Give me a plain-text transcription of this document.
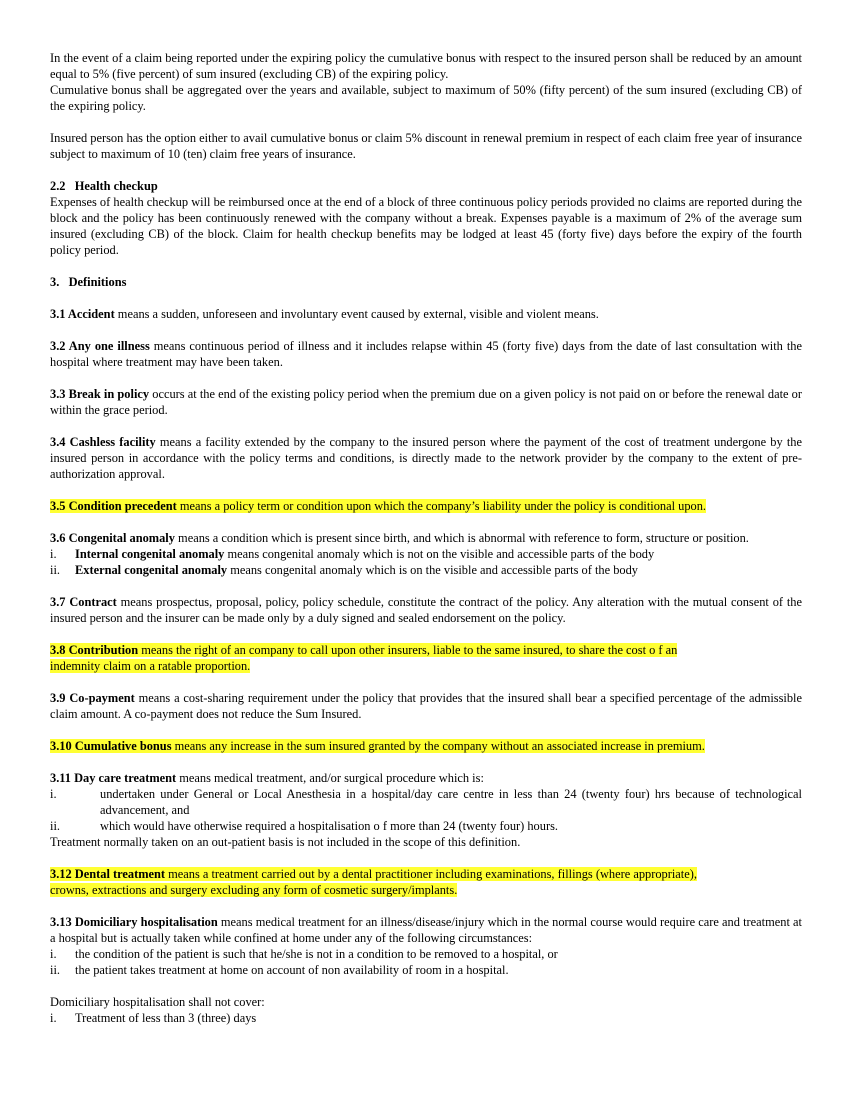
In the event of a claim being reported under the expiring policy the cumulative bonus with respect to the insured person shall be reduced by an amount equal to 5% (five percent) of sum insured (excluding CB) of the expiring policy.

Cumulative bonus shall be aggregated over the years and available, subject to maximum of 50% (fifty percent) of the sum insured (excluding CB) of the expiring policy.

Insured person has the option either to avail cumulative bonus or claim 5% discount in renewal premium in respect of each claim free year of insurance subject to maximum of 10 (ten) claim free years of insurance.

2.2   Health checkup

Expenses of health checkup will be reimbursed once at the end of a block of three continuous policy periods provided no claims are reported during the block and the policy has been continuously renewed with the company without a break. Expenses payable is a maximum of 2% of the average sum insured (excluding CB) of the block. Claim for health checkup benefits may be lodged at least 45 (forty five) days before the expiry of the fourth policy period.

3.   Definitions

3.1 Accident means a sudden, unforeseen and involuntary event caused by external, visible and violent means.

3.2 Any one illness means continuous period of illness and it includes relapse within 45 (forty five) days from the date of last consultation with the hospital where treatment may have been taken.

3.3 Break in policy occurs at the end of the existing policy period when the premium due on a given policy is not paid on or before the renewal date or within the grace period.

3.4 Cashless facility means a facility extended by the company to the insured person where the payment of the cost of treatment undergone by the insured person in accordance with the policy terms and conditions, is directly made to the network provider by the company to the extent of pre-authorization approval.

3.5 Condition precedent means a policy term or condition upon which the company’s liability under the policy is conditional upon.

3.6 Congenital anomaly means a condition which is present since birth, and which is abnormal with reference to form, structure or position.

i. Internal congenital anomaly means congenital anomaly which is not on the visible and accessible parts of the body
ii. External congenital anomaly means congenital anomaly which is on the visible and accessible parts of the body

3.7 Contract means prospectus, proposal, policy, policy schedule, constitute the contract of the policy. Any alteration with the mutual consent of the insured person and the insurer can be made only by a duly signed and sealed endorsement on the policy.

3.8 Contribution means the right of an company to call upon other insurers, liable to the same insured, to share the cost o f an
indemnity claim on a ratable proportion.

3.9 Co-payment means a cost-sharing requirement under the policy that provides that the insured shall bear a specified percentage of the admissible claim amount. A co-payment does not reduce the Sum Insured.

3.10 Cumulative bonus means any increase in the sum insured granted by the company without an associated increase in premium.

3.11 Day care treatment means medical treatment, and/or surgical procedure which is:

i.	undertaken under General or Local Anesthesia in a hospital/day care centre in less than 24 (twenty four) hrs because of technological advancement, and
ii.	which would have otherwise required a hospitalisation o f more than 24 (twenty four) hours.

Treatment normally taken on an out-patient basis is not included in the scope of this definition.

3.12 Dental treatment means a treatment carried out by a dental practitioner including examinations, fillings (where appropriate),
crowns, extractions and surgery excluding any form of cosmetic surgery/implants.

3.13 Domiciliary hospitalisation means medical treatment for an illness/disease/injury which in the normal course would require care and treatment at a hospital but is actually taken while confined at home under any of the following circumstances:

i. the condition of the patient is such that he/she is not in a condition to be removed to a hospital, or
ii. the patient takes treatment at home on account of non availability of room in a hospital.

Domiciliary hospitalisation shall not cover:

i. Treatment of less than 3 (three) days
